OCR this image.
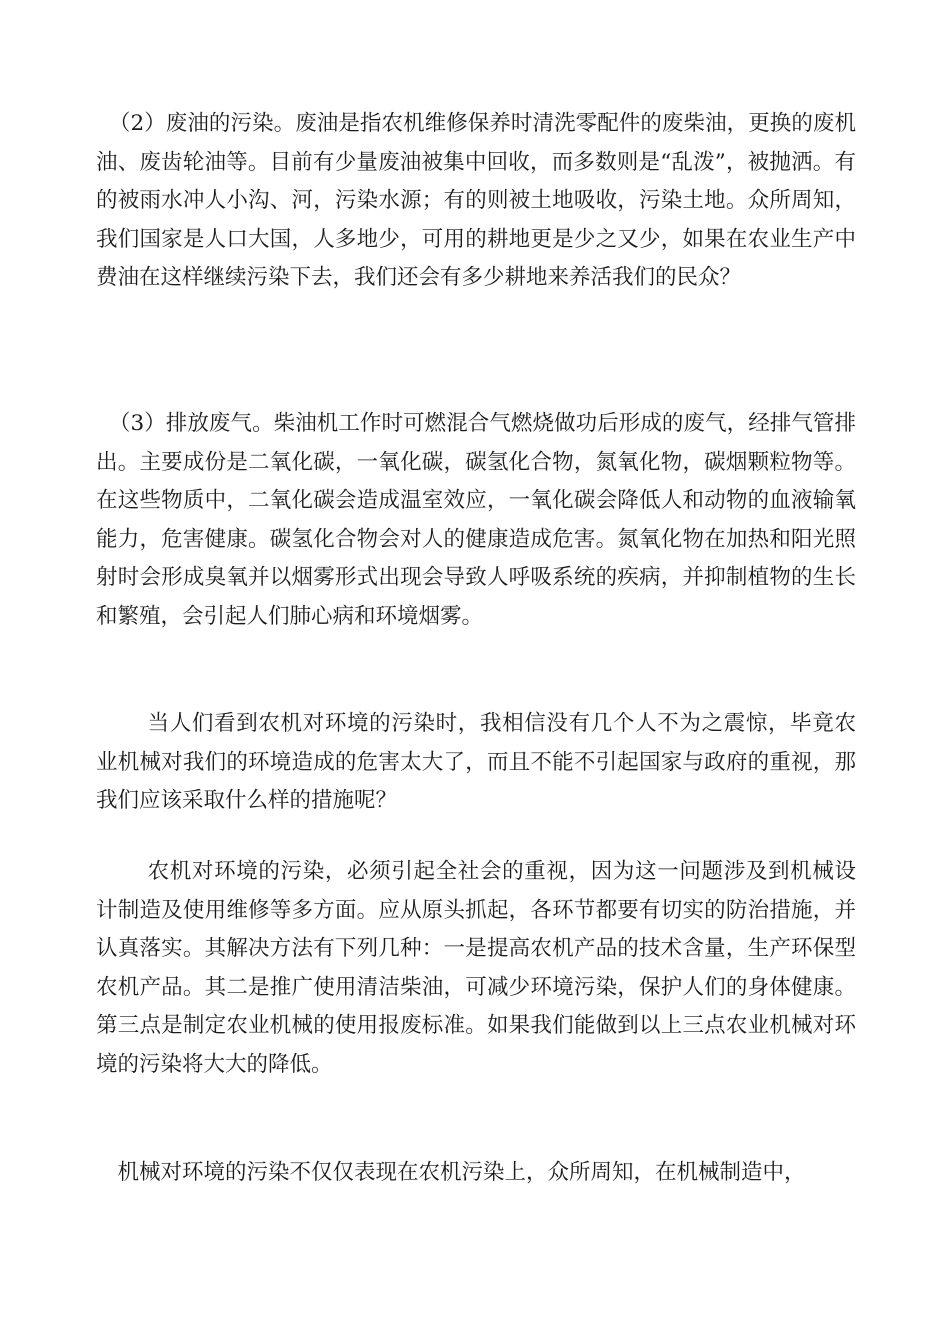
（2）废油的污染。废油是指农机维修保养时清洗零配件的废柴油，更换的废机油、废齿轮油等。目前有少量废油被集中回收，而多数则是“乱泼”，被抛洒。有的被雨水冲人小沟、河，污染水源；有的则被土地吸收，污染土地。众所周知，我们国家是人口大国，人多地少，可用的耕地更是少之又少，如果在农业生产中费油在这样继续污染下去，我们还会有多少耕地来养活我们的民众？

（3）排放废气。柴油机工作时可燃混合气燃烧做功后形成的废气，经排气管排出。主要成份是二氧化碳，一氧化碳，碳氢化合物，氮氧化物，碳烟颗粒物等。在这些物质中，二氧化碳会造成温室效应，一氧化碳会降低人和动物的血液输氧能力，危害健康。碳氢化合物会对人的健康造成危害。氮氧化物在加热和阳光照射时会形成臭氧并以烟雾形式出现会导致人呼吸系统的疾病，并抑制植物的生长和繁殖，会引起人们肺心病和环境烟雾。

当人们看到农机对环境的污染时，我相信没有几个人不为之震惊，毕竟农业机械对我们的环境造成的危害太大了，而且不能不引起国家与政府的重视，那我们应该采取什么样的措施呢？

农机对环境的污染，必须引起全社会的重视，因为这一问题涉及到机械设计制造及使用维修等多方面。应从原头抓起，各环节都要有切实的防治措施，并认真落实。其解决方法有下列几种：一是提高农机产品的技术含量，生产环保型农机产品。其二是推广使用清洁柴油，可减少环境污染，保护人们的身体健康。第三点是制定农业机械的使用报废标准。如果我们能做到以上三点农业机械对环境的污染将大大的降低。

机械对环境的污染不仅仅表现在农机污染上，众所周知，在机械制造中，
